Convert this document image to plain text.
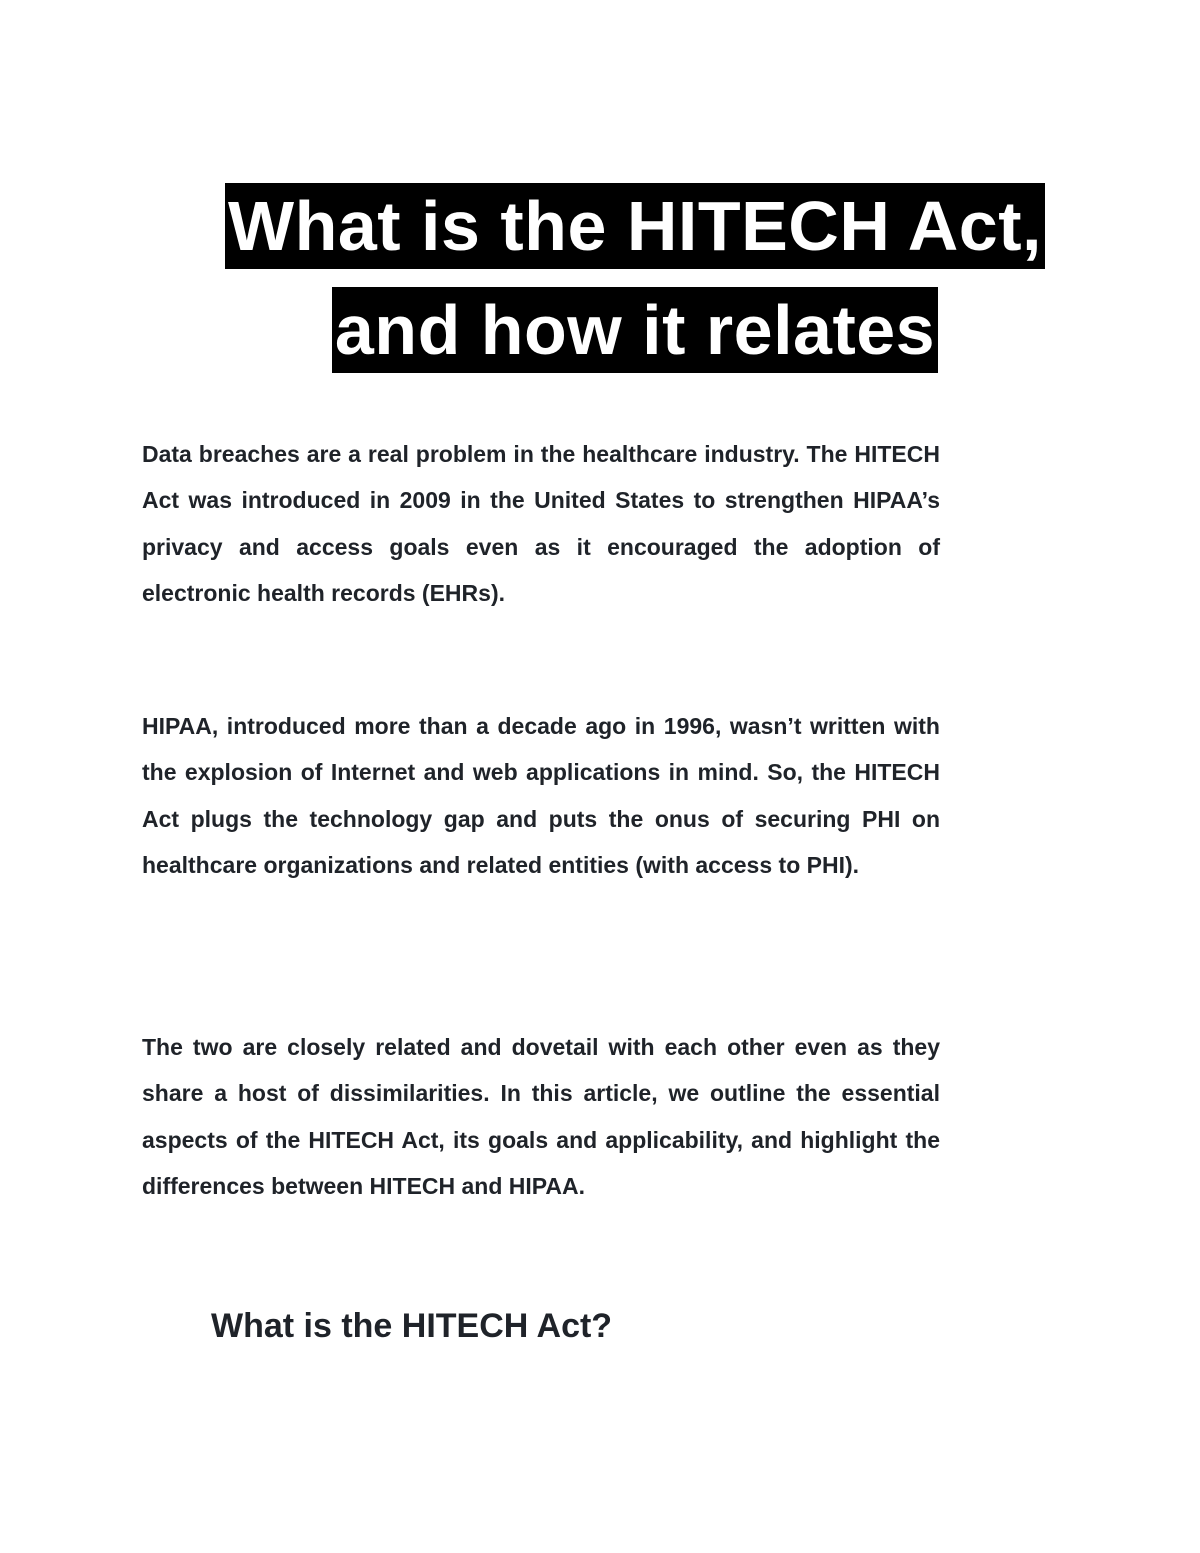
What is the HITECH Act,
and how it relates

Data breaches are a real problem in the healthcare industry. The HITECH Act was introduced in 2009 in the United States to strengthen HIPAA’s privacy and access goals even as it encouraged the adoption of electronic health records (EHRs).

HIPAA, introduced more than a decade ago in 1996, wasn’t written with the explosion of Internet and web applications in mind. So, the HITECH Act plugs the technology gap and puts the onus of securing PHI on healthcare organizations and related entities (with access to PHI).

The two are closely related and dovetail with each other even as they share a host of dissimilarities. In this article, we outline the essential aspects of the HITECH Act, its goals and applicability, and highlight the differences between HITECH and HIPAA.

What is the HITECH Act?
